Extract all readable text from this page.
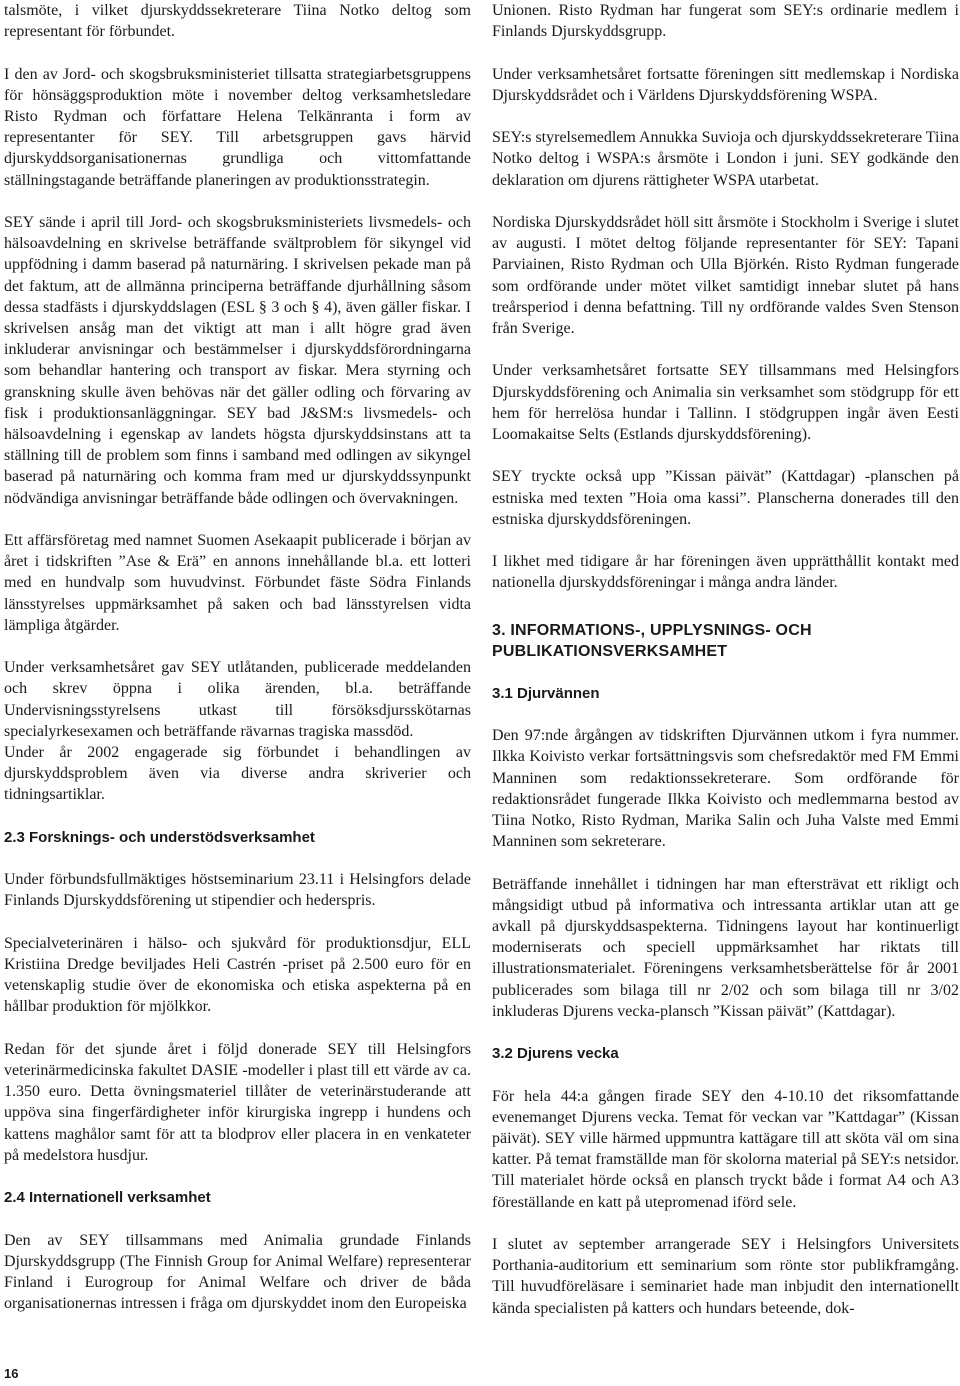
talsmöte, i vilket djurskyddssekreterare Tiina Notko deltog som representant för förbundet.

I den av Jord- och skogsbruksministeriet tillsatta strategiarbetsgruppens för hönsäggsproduktion möte i november deltog verksamhetsledare Risto Rydman och författare Helena Telkänranta i form av representanter för SEY. Till arbetsgruppen gavs härvid djurskyddsorganisationernas grundliga och vittomfattande ställningstagande beträffande planeringen av produktionsstrategin.

SEY sände i april till Jord- och skogsbruksministeriets livsmedels- och hälsoavdelning en skrivelse beträffande svältproblem för sikyngel vid uppfödning i damm baserad på naturnäring. I skrivelsen pekade man på det faktum, att de allmänna principerna beträffande djurhållning såsom dessa stadfästs i djurskyddslagen (ESL § 3 och § 4), även gäller fiskar. I skrivelsen ansåg man det viktigt att man i allt högre grad även inkluderar anvisningar och bestämmelser i djurskyddsförordningarna som behandlar hantering och transport av fiskar. Mera styrning och granskning skulle även behövas när det gäller odling och förvaring av fisk i produktionsanläggningar. SEY bad J&SM:s livsmedels- och hälsoavdelning i egenskap av landets högsta djurskyddsinstans att ta ställning till de problem som finns i samband med odlingen av sikyngel baserad på naturnäring och komma fram med ur djurskyddssynpunkt nödvändiga anvisningar beträffande både odlingen och övervakningen.

Ett affärsföretag med namnet Suomen Asekaapit publicerade i början av året i tidskriften ”Ase & Erä” en annons innehållande bl.a. ett lotteri med en hundvalp som huvudvinst. Förbundet fäste Södra Finlands länsstyrelses uppmärksamhet på saken och bad länsstyrelsen vidta lämpliga åtgärder.

Under verksamhetsåret gav SEY utlåtanden, publicerade meddelanden och skrev öppna i olika ärenden, bl.a. beträffande Undervisningsstyrelsens utkast till försöksdjursskötarnas specialyrkesexamen och beträffande rävarnas tragiska massdöd.

Under år 2002 engagerade sig förbundet i behandlingen av djurskyddsproblem även via diverse andra skriverier och tidningsartiklar.

2.3 Forsknings- och understödsverksamhet

Under förbundsfullmäktiges höstseminarium 23.11 i Helsingfors delade Finlands Djurskyddsförening ut stipendier och hederspris.

Specialveterinären i hälso- och sjukvård för produktionsdjur, ELL Kristiina Dredge beviljades Heli Castrén -priset på 2.500 euro för en vetenskaplig studie över de ekonomiska och etiska aspekterna på en hållbar produktion för mjölkkor.

Redan för det sjunde året i följd donerade SEY till Helsingfors veterinärmedicinska fakultet DASIE -modeller i plast till ett värde av ca. 1.350 euro. Detta övningsmateriel tillåter de veterinärstuderande att uppöva sina fingerfärdigheter inför kirurgiska ingrepp i hundens och kattens maghålor samt för att ta blodprov eller placera in en venkateter på medelstora husdjur.

2.4 Internationell verksamhet

Den av SEY tillsammans med Animalia grundade Finlands Djurskyddsgrupp (The Finnish Group for Animal Welfare) representerar Finland i Eurogroup for Animal Welfare och driver de båda organisationernas intressen i fråga om djurskyddet inom den Europeiska

Unionen. Risto Rydman har fungerat som SEY:s ordinarie medlem i Finlands Djurskyddsgrupp.

Under verksamhetsåret fortsatte föreningen sitt medlemskap i Nordiska Djurskyddsrådet och i Världens Djurskyddsförening WSPA.

SEY:s styrelsemedlem Annukka Suvioja och djurskyddssekreterare Tiina Notko deltog i WSPA:s årsmöte i London i juni. SEY godkände den deklaration om djurens rättigheter WSPA utarbetat.

Nordiska Djurskyddsrådet höll sitt årsmöte i Stockholm i Sverige i slutet av augusti. I mötet deltog följande representanter för SEY: Tapani Parviainen, Risto Rydman och Ulla Björkén. Risto Rydman fungerade som ordförande under mötet vilket samtidigt innebar slutet på hans treårsperiod i denna befattning. Till ny ordförande valdes Sven Stenson från Sverige.

Under verksamhetsåret fortsatte SEY tillsammans med Helsingfors Djurskyddsförening och Animalia sin verksamhet som stödgrupp för ett hem för herrelösa hundar i Tallinn. I stödgruppen ingår även Eesti Loomakaitse Selts (Estlands djurskyddsförening).

SEY tryckte också upp ”Kissan päivät” (Kattdagar) -planschen på estniska med texten ”Hoia oma kassi”. Planscherna donerades till den estniska djurskyddsföreningen.

I likhet med tidigare år har föreningen även upprätthållit kontakt med nationella djurskyddsföreningar i många andra länder.

3. INFORMATIONS-, UPPLYSNINGS- OCH PUBLIKATIONSVERKSAMHET
3.1 Djurvännen

Den 97:nde årgången av tidskriften Djurvännen utkom i fyra nummer. Ilkka Koivisto verkar fortsättningsvis som chefsredaktör med FM Emmi Manninen som redaktionssekreterare. Som ordförande för redaktionsrådet fungerade Ilkka Koivisto och medlemmarna bestod av Tiina Notko, Risto Rydman, Marika Salin och Juha Valste med Emmi Manninen som sekreterare.

Beträffande innehållet i tidningen har man eftersträvat ett rikligt och mångsidigt utbud på informativa och intressanta artiklar utan att ge avkall på djurskyddsaspekterna. Tidningens layout har kontinuerligt moderniserats och speciell uppmärksamhet har riktats till illustrationsmaterialet. Föreningens verksamhetsberättelse för år 2001 publicerades som bilaga till nr 2/02 och som bilaga till nr 3/02 inkluderas Djurens vecka-plansch ”Kissan päivät” (Kattdagar).

3.2 Djurens vecka

För hela 44:a gången firade SEY den 4-10.10 det riksomfattande evenemanget Djurens vecka. Temat för veckan var ”Kattdagar” (Kissan päivät). SEY ville härmed uppmuntra kattägare till att sköta väl om sina katter. På temat framställde man för skolorna material på SEY:s netsidor. Till materialet hörde också en plansch tryckt både i format A4 och A3 föreställande en katt på utepromenad iförd sele.

I slutet av september arrangerade SEY i Helsingfors Universitets Porthania-auditorium ett seminarium som rönte stor publikframgång. Till huvudföreläsare i seminariet hade man inbjudit den internationellt kända specialisten på katters och hundars beteende, dok-

16
